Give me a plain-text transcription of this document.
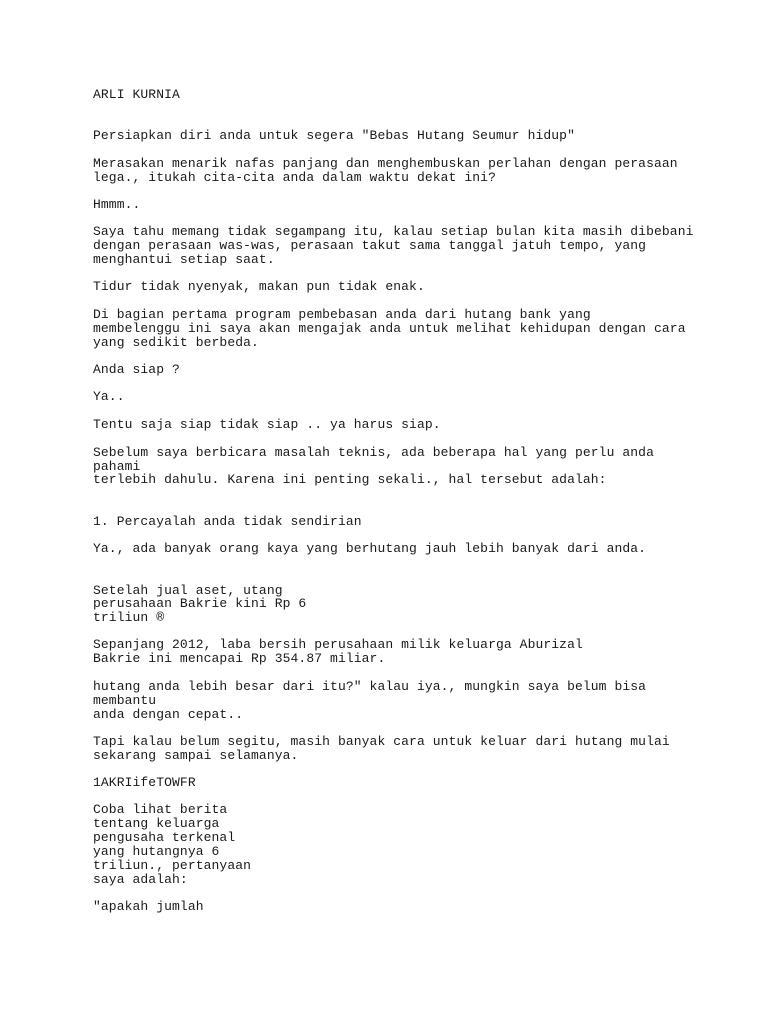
ARLI KURNIA
Persiapkan diri anda untuk segera "Bebas Hutang Seumur hidup"
Merasakan menarik nafas panjang dan menghembuskan perlahan dengan perasaan
lega., itukah cita-cita anda dalam waktu dekat ini?
Hmmm..
Saya tahu memang tidak segampang itu, kalau setiap bulan kita masih dibebani
dengan perasaan was-was, perasaan takut sama tanggal jatuh tempo, yang
menghantui setiap saat.
Tidur tidak nyenyak, makan pun tidak enak.
Di bagian pertama program pembebasan anda dari hutang bank yang
membelenggu ini saya akan mengajak anda untuk melihat kehidupan dengan cara
yang sedikit berbeda.
Anda siap ?
Ya..
Tentu saja siap tidak siap .. ya harus siap.
Sebelum saya berbicara masalah teknis, ada beberapa hal yang perlu anda
pahami
terlebih dahulu. Karena ini penting sekali., hal tersebut adalah:
1. Percayalah anda tidak sendirian
Ya., ada banyak orang kaya yang berhutang jauh lebih banyak dari anda.
Setelah jual aset, utang
perusahaan Bakrie kini Rp 6
triliun ®
Sepanjang 2012, laba bersih perusahaan milik keluarga Aburizal
Bakrie ini mencapai Rp 354.87 miliar.
hutang anda lebih besar dari itu?″ kalau iya., mungkin saya belum bisa
membantu
anda dengan cepat..
Tapi kalau belum segitu, masih banyak cara untuk keluar dari hutang mulai
sekarang sampai selamanya.
1AKRIifeTOWFR
Coba lihat berita
tentang keluarga
pengusaha terkenal
yang hutangnya 6
triliun., pertanyaan
saya adalah:
"apakah jumlah
